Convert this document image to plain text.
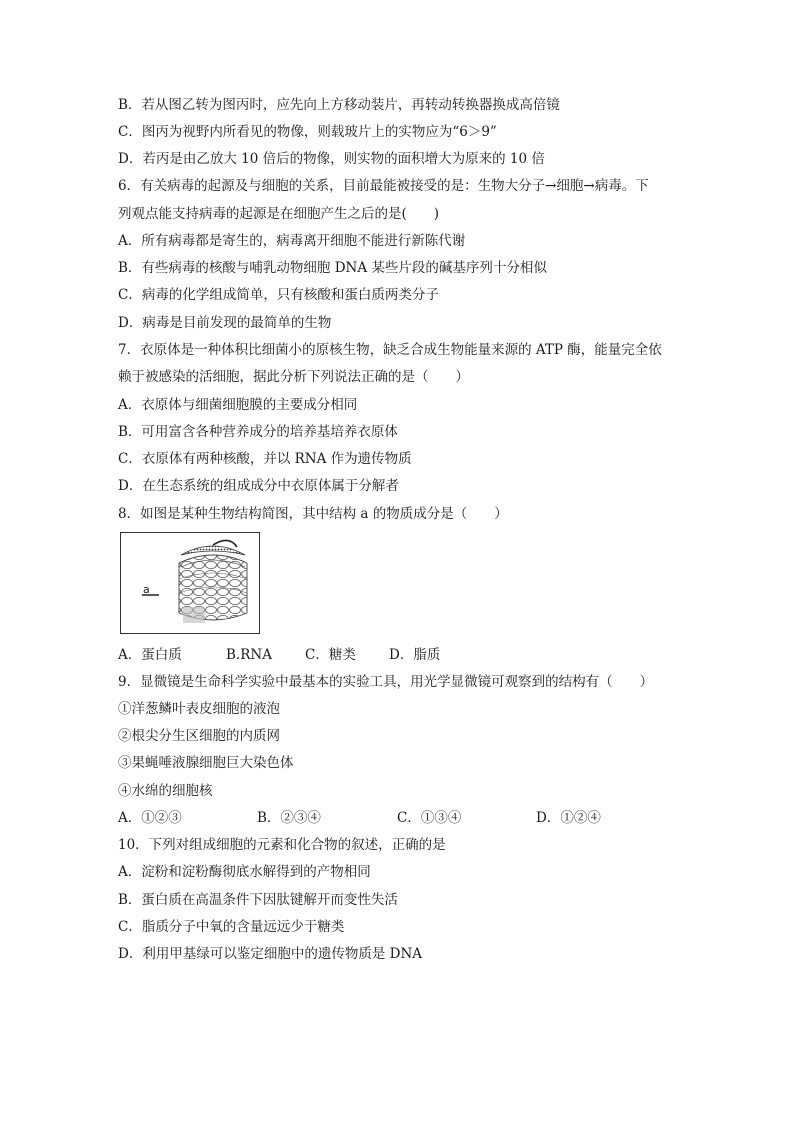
B．若从图乙转为图丙时，应先向上方移动装片，再转动转换器换成高倍镜
C．图丙为视野内所看见的物像，则载玻片上的实物应为“6＞9”
D．若丙是由乙放大 10 倍后的物像，则实物的面积增大为原来的 10 倍
6．有关病毒的起源及与细胞的关系，目前最能被接受的是：生物大分子→细胞→病毒。下
列观点能支持病毒的起源是在细胞产生之后的是(　　)
A．所有病毒都是寄生的，病毒离开细胞不能进行新陈代谢
B．有些病毒的核酸与哺乳动物细胞 DNA 某些片段的碱基序列十分相似
C．病毒的化学组成简单，只有核酸和蛋白质两类分子
D．病毒是目前发现的最简单的生物
7．衣原体是一种体积比细菌小的原核生物，缺乏合成生物能量来源的 ATP 酶，能量完全依
赖于被感染的活细胞，据此分析下列说法正确的是（　　）
A．衣原体与细菌细胞膜的主要成分相同
B．可用富含各种营养成分的培养基培养衣原体
C．衣原体有两种核酸，并以 RNA 作为遗传物质
D．在生态系统的组成成分中衣原体属于分解者
8．如图是某种生物结构简图，其中结构 a 的物质成分是（　　）
a
A．蛋白质	B.RNA C．糖类 D．脂质
9．显微镜是生命科学实验中最基本的实验工具，用光学显微镜可观察到的结构有（　　）
①洋葱鳞叶表皮细胞的液泡
②根尖分生区细胞的内质网
③果蝇唾液腺细胞巨大染色体
④水绵的细胞核
A．①②③	B．②③④	C．①③④	D．①②④
10．下列对组成细胞的元素和化合物的叙述，正确的是
A．淀粉和淀粉酶彻底水解得到的产物相同
B．蛋白质在高温条件下因肽键解开而变性失活
C．脂质分子中氧的含量远远少于糖类
D．利用甲基绿可以鉴定细胞中的遗传物质是 DNA
